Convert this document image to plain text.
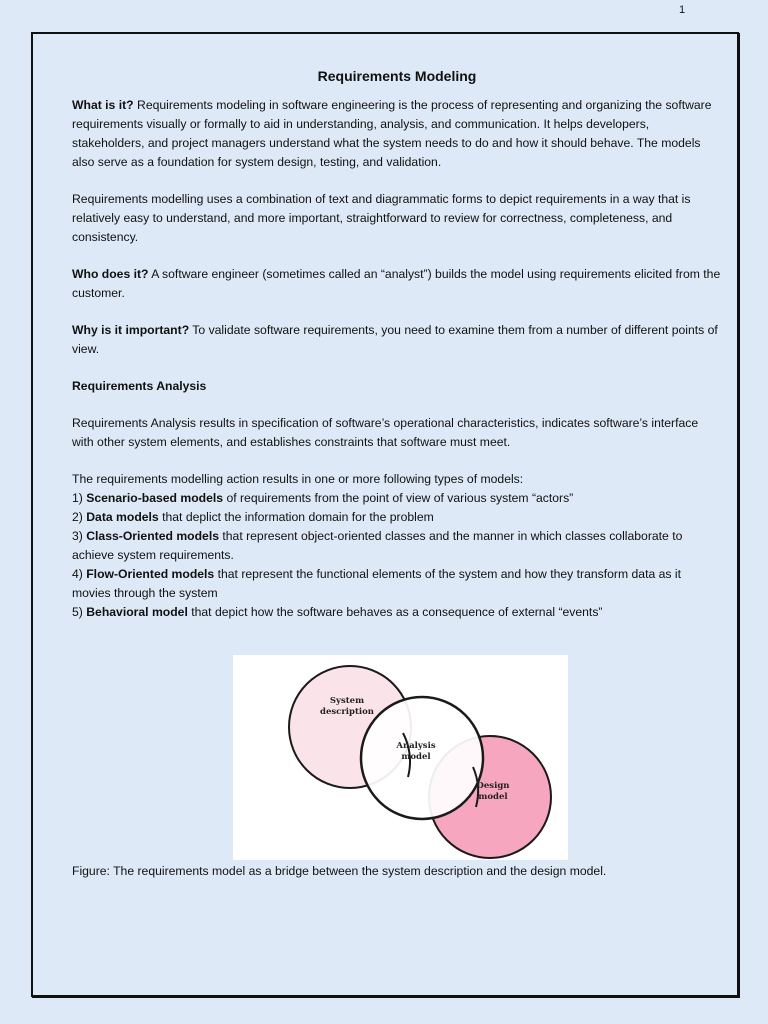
1
Requirements Modeling

What is it? Requirements modeling in software engineering is the process of representing and organizing the software requirements visually or formally to aid in understanding, analysis, and communication. It helps developers, stakeholders, and project managers understand what the system needs to do and how it should behave. The models also serve as a foundation for system design, testing, and validation.

Requirements modelling uses a combination of text and diagrammatic forms to depict requirements in a way that is relatively easy to understand, and more important, straightforward to review for correctness, completeness, and consistency.

Who does it? A software engineer (sometimes called an “analyst”) builds the model using requirements elicited from the customer.

Why is it important? To validate software requirements, you need to examine them from a number of different points of view.

Requirements Analysis

Requirements Analysis results in specification of software’s operational characteristics, indicates software’s interface with other system elements, and establishes constraints that software must meet.

The requirements modelling action results in one or more following types of models:
1) Scenario-based models of requirements from the point of view of various system “actors”
2) Data models that deplict the information domain for the problem
3) Class-Oriented models that represent object-oriented classes and the manner in which classes collaborate to achieve system requirements.
4) Flow-Oriented models that represent the functional elements of the system and how they transform data as it movies through the system
5) Behavioral model that depict how the software behaves as a consequence of external “events”
System
description
Analysis
model
Design
model
Figure: The requirements model as a bridge between the system description and the design model.
